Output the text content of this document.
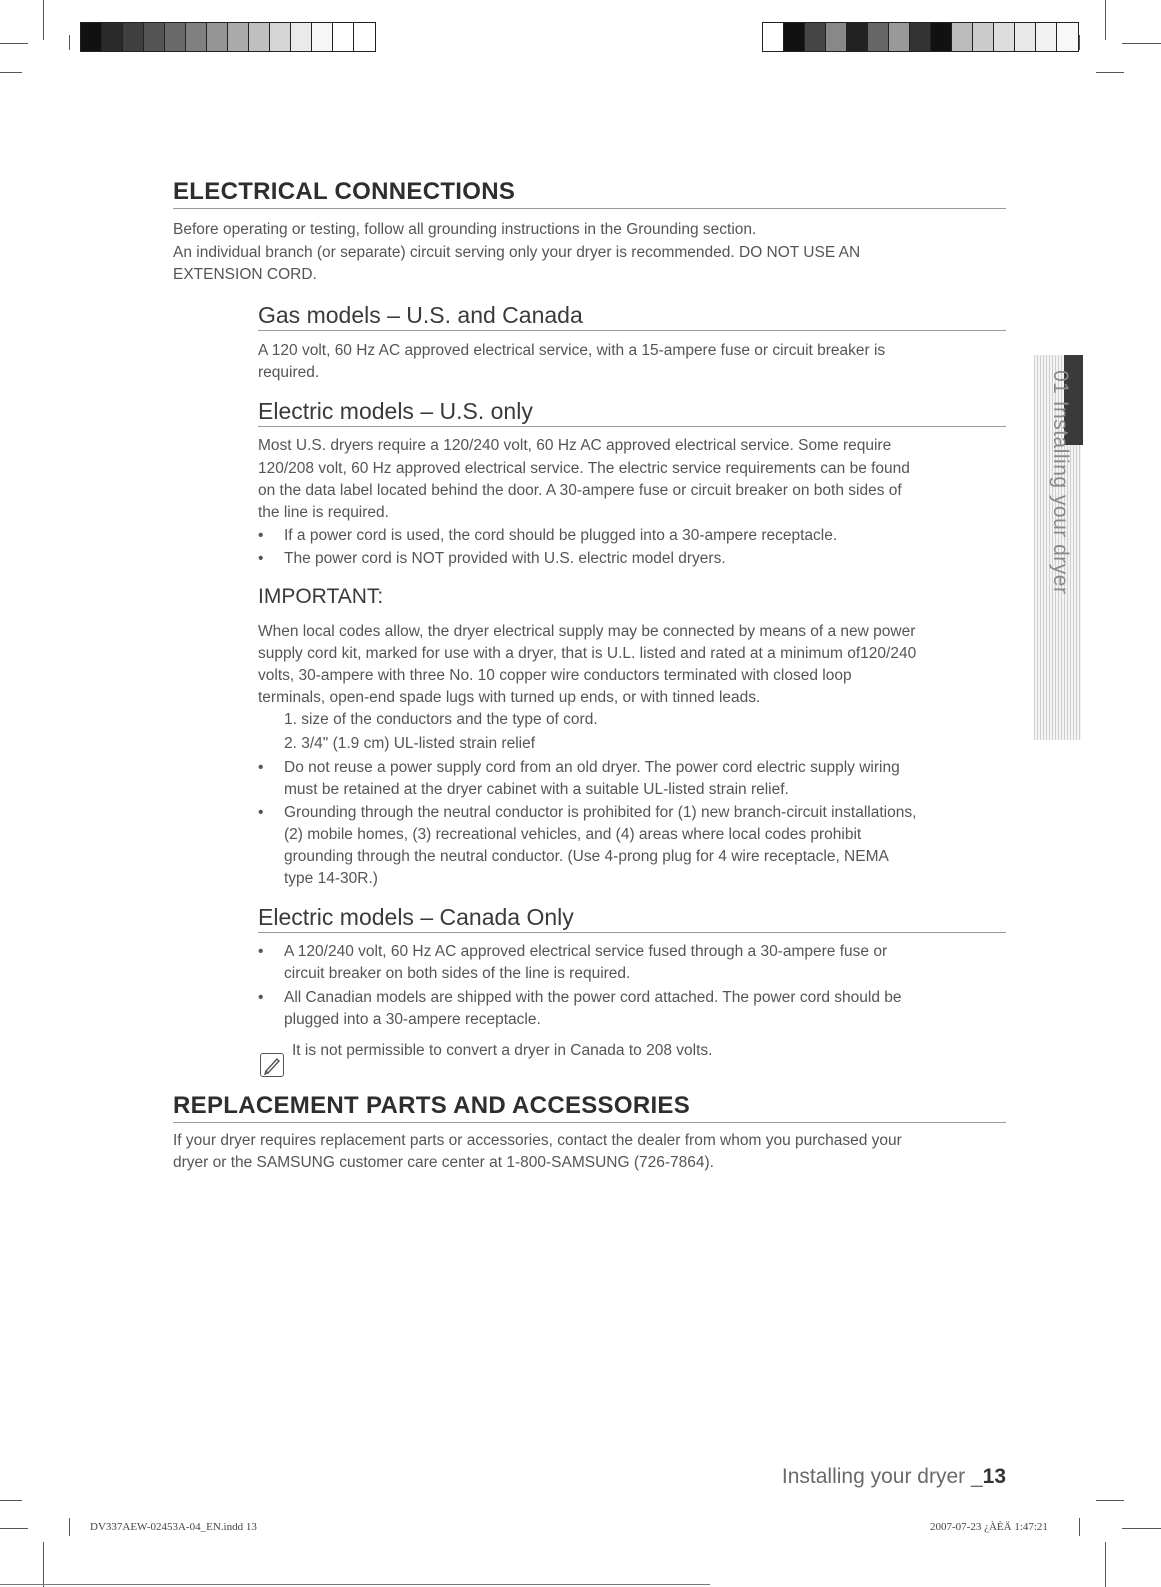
ELECTRICAL CONNECTIONS
Before operating or testing, follow all grounding instructions in the Grounding section.
An individual branch (or separate) circuit serving only your dryer is recommended. DO NOT USE AN
EXTENSION CORD.
Gas models – U.S. and Canada
A 120 volt, 60 Hz AC approved electrical service, with a 15-ampere fuse or circuit breaker is
required.
Electric models – U.S. only
Most U.S. dryers require a 120/240 volt, 60 Hz AC approved electrical service. Some require
120/208 volt, 60 Hz approved electrical service. The electric service requirements can be found
on the data label located behind the door. A 30-ampere fuse or circuit breaker on both sides of
the line is required.
• If a power cord is used, the cord should be plugged into a 30-ampere receptacle.
• The power cord is NOT provided with U.S. electric model dryers.
IMPORTANT:
When local codes allow, the dryer electrical supply may be connected by means of a new power
supply cord kit, marked for use with a dryer, that is U.L. listed and rated at a minimum of120/240
volts, 30-ampere with three No. 10 copper wire conductors terminated with closed loop
terminals, open-end spade lugs with turned up ends, or with tinned leads.
1. size of the conductors and the type of cord.
2. 3/4" (1.9 cm) UL-listed strain relief
• Do not reuse a power supply cord from an old dryer. The power cord electric supply wiring
must be retained at the dryer cabinet with a suitable UL-listed strain relief.
• Grounding through the neutral conductor is prohibited for (1) new branch-circuit installations,
(2) mobile homes, (3) recreational vehicles, and (4) areas where local codes prohibit
grounding through the neutral conductor. (Use 4-prong plug for 4 wire receptacle, NEMA
type 14-30R.)
Electric models – Canada Only
• A 120/240 volt, 60 Hz AC approved electrical service fused through a 30-ampere fuse or
circuit breaker on both sides of the line is required.
• All Canadian models are shipped with the power cord attached. The power cord should be
plugged into a 30-ampere receptacle.
It is not permissible to convert a dryer in Canada to 208 volts.
REPLACEMENT PARTS AND ACCESSORIES
If your dryer requires replacement parts or accessories, contact the dealer from whom you purchased your
dryer or the SAMSUNG customer care center at 1-800-SAMSUNG (726-7864).
01 Installing your dryer
Installing your dryer _13
DV337AEW-02453A-04_EN.indd 13	2007-07-23 ¿ÀÈÄ 1:47:21
